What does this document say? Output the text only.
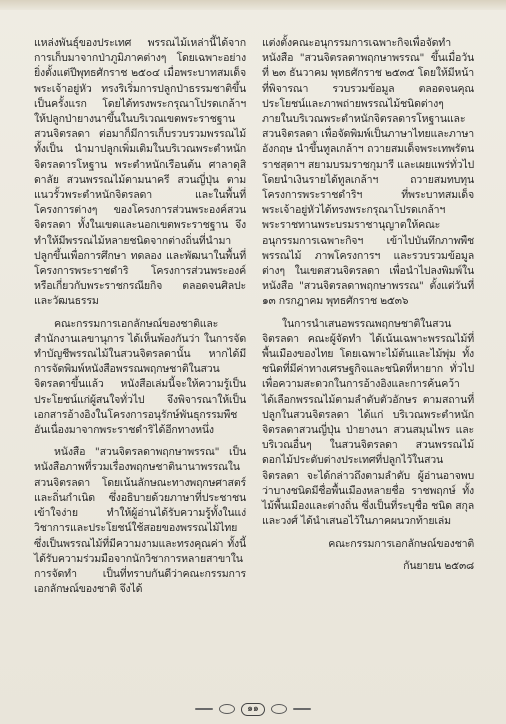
แหล่งพันธุ์ของประเทศ พรรณไม้เหล่านี้ได้จากการเก็บมาจากป่าภูมิภาคต่างๆ โดยเฉพาะอย่างยิ่งตั้งแต่ปีพุทธศักราช ๒๕๐๔ เมื่อพระบาทสมเด็จพระเจ้าอยู่หัว ทรงริเริ่มการปลูกป่าธรรมชาติขึ้นเป็นครั้งแรก โดยได้ทรงพระกรุณาโปรดเกล้าฯ ให้ปลูกป่ายางนาขึ้นในบริเวณเขตพระราชฐาน สวนจิตรลดา ต่อมาก็มีการเก็บรวบรวมพรรณไม้ทั้งเป็น นำมาปลูกเพิ่มเติมในบริเวณพระตำหนักจิตรลดารโหฐาน พระตำหนักเรือนต้น ศาลาดุสิดาลัย สวนพรรณไม้ตามนาครี สวนญี่ปุ่น ตามแนวรั้วพระตำหนักจิตรลดา และในพื้นที่โครงการต่างๆ ของโครงการส่วนพระองค์สวนจิตรลดา ทั้งในเขตและนอกเขตพระราชฐาน จึงทำให้มีพรรณไม้หลายชนิดจากต่างถิ่นที่นำมาปลูกขึ้นเพื่อการศึกษา ทดลอง และพัฒนาในพื้นที่โครงการพระราชดำริ โครงการส่วนพระองค์ หรือเกี่ยวกับพระราชกรณียกิจ ตลอดจนศิลปะและวัฒนธรรม

คณะกรรมการเอกลักษณ์ของชาติและสำนักงานเลขานุการ ได้เห็นพ้องกันว่า ในการจัดทำบัญชีพรรณไม้ในสวนจิตรลดานั้น หากได้มีการจัดพิมพ์หนังสือพรรณพฤกษชาติในสวนจิตรลดาขึ้นแล้ว หนังสือเล่มนี้จะให้ความรู้เป็นประโยชน์แก่ผู้สนใจทั่วไป จึงพิจารณาให้เป็นเอกสารอ้างอิงในโครงการอนุรักษ์พันธุกรรมพืชอันเนื่องมาจากพระราชดำริได้อีกทางหนึ่ง

หนังสือ "สวนจิตรลดาพฤกษาพรรณ" เป็นหนังสือภาพที่รวมเรื่องพฤกษชาตินานาพรรณในสวนจิตรลดา โดยเน้นลักษณะทางพฤกษศาสตร์และถิ่นกำเนิด ซึ่งอธิบายด้วยภาษาที่ประชาชนเข้าใจง่าย ทำให้ผู้อ่านได้รับความรู้ทั้งในแง่วิชาการและประโยชน์ใช้สอยของพรรณไม้ไทย ซึ่งเป็นพรรณไม้ที่มีความงามและทรงคุณค่า ทั้งนี้ได้รับความร่วมมือจากนักวิชาการหลายสาขาในการจัดทำ เป็นที่ทราบกันดีว่าคณะกรรมการเอกลักษณ์ของชาติ จึงได้

แต่งตั้งคณะอนุกรรมการเฉพาะกิจเพื่อจัดทำหนังสือ "สวนจิตรลดาพฤกษาพรรณ" ขึ้นเมื่อวันที่ ๒๓ ธันวาคม พุทธศักราช ๒๕๓๕ โดยให้มีหน้าที่พิจารณา รวบรวมข้อมูล ตลอดจนคุณประโยชน์และภาพถ่ายพรรณไม้ชนิดต่างๆ ภายในบริเวณพระตำหนักจิตรลดารโหฐานและสวนจิตรลดา เพื่อจัดพิมพ์เป็นภาษาไทยและภาษาอังกฤษ นำขึ้นทูลเกล้าฯ ถวายสมเด็จพระเทพรัตนราชสุดาฯ สยามบรมราชกุมารี และเผยแพร่ทั่วไป โดยนำเงินรายได้ทูลเกล้าฯ ถวายสมทบทุนโครงการพระราชดำริฯ ที่พระบาทสมเด็จพระเจ้าอยู่หัวได้ทรงพระกรุณาโปรดเกล้าฯ พระราชทานพระบรมราชานุญาตให้คณะอนุกรรมการเฉพาะกิจฯ เข้าไปบันทึกภาพพืชพรรณไม้ ภาพโครงการฯ และรวบรวมข้อมูลต่างๆ ในเขตสวนจิตรลดา เพื่อนำไปลงพิมพ์ในหนังสือ "สวนจิตรลดาพฤกษาพรรณ" ตั้งแต่วันที่ ๑๓ กรกฎาคม พุทธศักราช ๒๕๓๖

ในการนำเสนอพรรณพฤกษชาติในสวนจิตรลดา คณะผู้จัดทำ ได้เน้นเฉพาะพรรณไม้ที่พื้นเมืองของไทย โดยเฉพาะไม้ต้นและไม้พุ่ม ทั้งชนิดที่มีค่าทางเศรษฐกิจและชนิดที่หายาก ทั่วไป เพื่อความสะดวกในการอ้างอิงและการค้นคว้า ได้เลือกพรรณไม้ตามลำดับตัวอักษร ตามสถานที่ปลูกในสวนจิตรลดา ได้แก่ บริเวณพระตำหนักจิตรลดาสวนญี่ปุ่น ป่ายางนา สวนสมุนไพร และบริเวณอื่นๆ ในสวนจิตรลดา สวนพรรณไม้ดอกไม้ประดับต่างประเทศที่ปลูกไว้ในสวนจิตรลดา จะได้กล่าวถึงตามลำดับ ผู้อ่านอาจพบว่าบางชนิดมีชื่อพื้นเมืองหลายชื่อ ราชพฤกษ์ ทั้งไม้พื้นเมืองและต่างถิ่น ซึ่งเป็นที่ระบุชื่อ ชนิด สกุล และวงศ์ ได้นำเสนอไว้ในภาคผนวกท้ายเล่ม

คณะกรรมการเอกลักษณ์ของชาติ

กันยายน ๒๕๓๘

๑๑
